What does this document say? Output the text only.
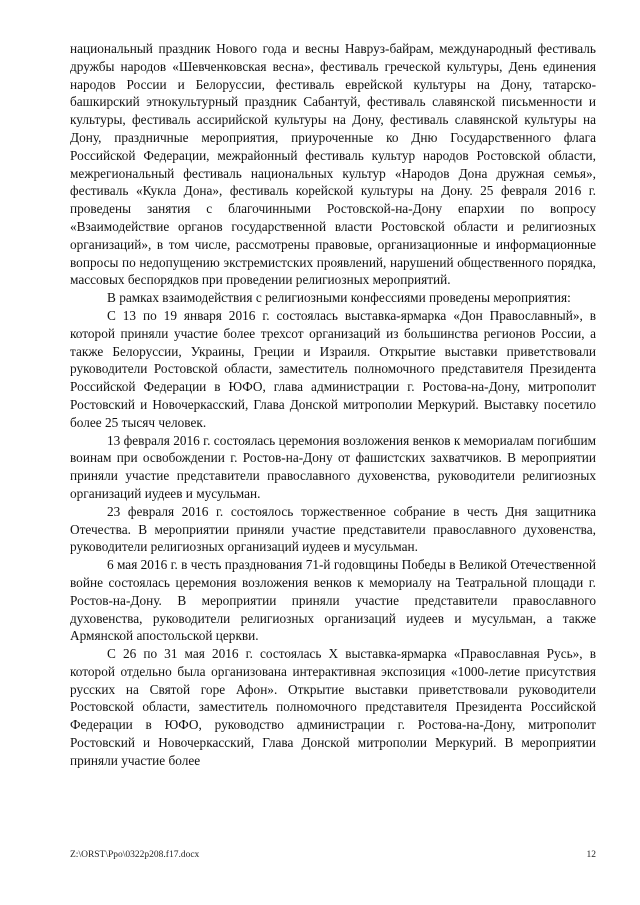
национальный праздник Нового года и весны Навруз-байрам, международный фестиваль дружбы народов «Шевченковская весна», фестиваль греческой культуры, День единения народов России и Белоруссии, фестиваль еврейской культуры на Дону, татарско-башкирский этнокультурный праздник Сабантуй, фестиваль славянской письменности и культуры, фестиваль ассирийской культуры на Дону, фестиваль славянской культуры на Дону, праздничные мероприятия, приуроченные ко Дню Государственного флага Российской Федерации, межрайонный фестиваль культур народов Ростовской области, межрегиональный фестиваль национальных культур «Народов Дона дружная семья», фестиваль «Кукла Дона», фестиваль корейской культуры на Дону. 25 февраля 2016 г. проведены занятия с благочинными Ростовской-на-Дону епархии по вопросу «Взаимодействие органов государственной власти Ростовской области и религиозных организаций», в том числе, рассмотрены правовые, организационные и информационные вопросы по недопущению экстремистских проявлений, нарушений общественного порядка, массовых беспорядков при проведении религиозных мероприятий.

В рамках взаимодействия с религиозными конфессиями проведены мероприятия:

С 13 по 19 января 2016 г. состоялась выставка-ярмарка «Дон Православный», в которой приняли участие более трехсот организаций из большинства регионов России, а также Белоруссии, Украины, Греции и Израиля. Открытие выставки приветствовали руководители Ростовской области, заместитель полномочного представителя Президента Российской Федерации в ЮФО, глава администрации г. Ростова-на-Дону, митрополит Ростовский и Новочеркасский, Глава Донской митрополии Меркурий. Выставку посетило более 25 тысяч человек.

13 февраля 2016 г. состоялась церемония возложения венков к мемориалам погибшим воинам при освобождении г. Ростов-на-Дону от фашистских захватчиков. В мероприятии приняли участие представители православного духовенства, руководители религиозных организаций иудеев и мусульман.

23 февраля 2016 г. состоялось торжественное собрание в честь Дня защитника Отечества. В мероприятии приняли участие представители православного духовенства, руководители религиозных организаций иудеев и мусульман.

6 мая 2016 г. в честь празднования 71-й годовщины Победы в Великой Отечественной войне состоялась церемония возложения венков к мемориалу на Театральной площади г. Ростов-на-Дону. В мероприятии приняли участие представители православного духовенства, руководители религиозных организаций иудеев и мусульман, а также Армянской апостольской церкви.

С 26 по 31 мая 2016 г. состоялась X выставка-ярмарка «Православная Русь», в которой отдельно была организована интерактивная экспозиция «1000-летие присутствия русских на Святой горе Афон». Открытие выставки приветствовали руководители Ростовской области, заместитель полномочного представителя Президента Российской Федерации в ЮФО, руководство администрации г. Ростова-на-Дону, митрополит Ростовский и Новочеркасский, Глава Донской митрополии Меркурий. В мероприятии приняли участие более

Z:\ORST\Ppo\0322p208.f17.docx	12
